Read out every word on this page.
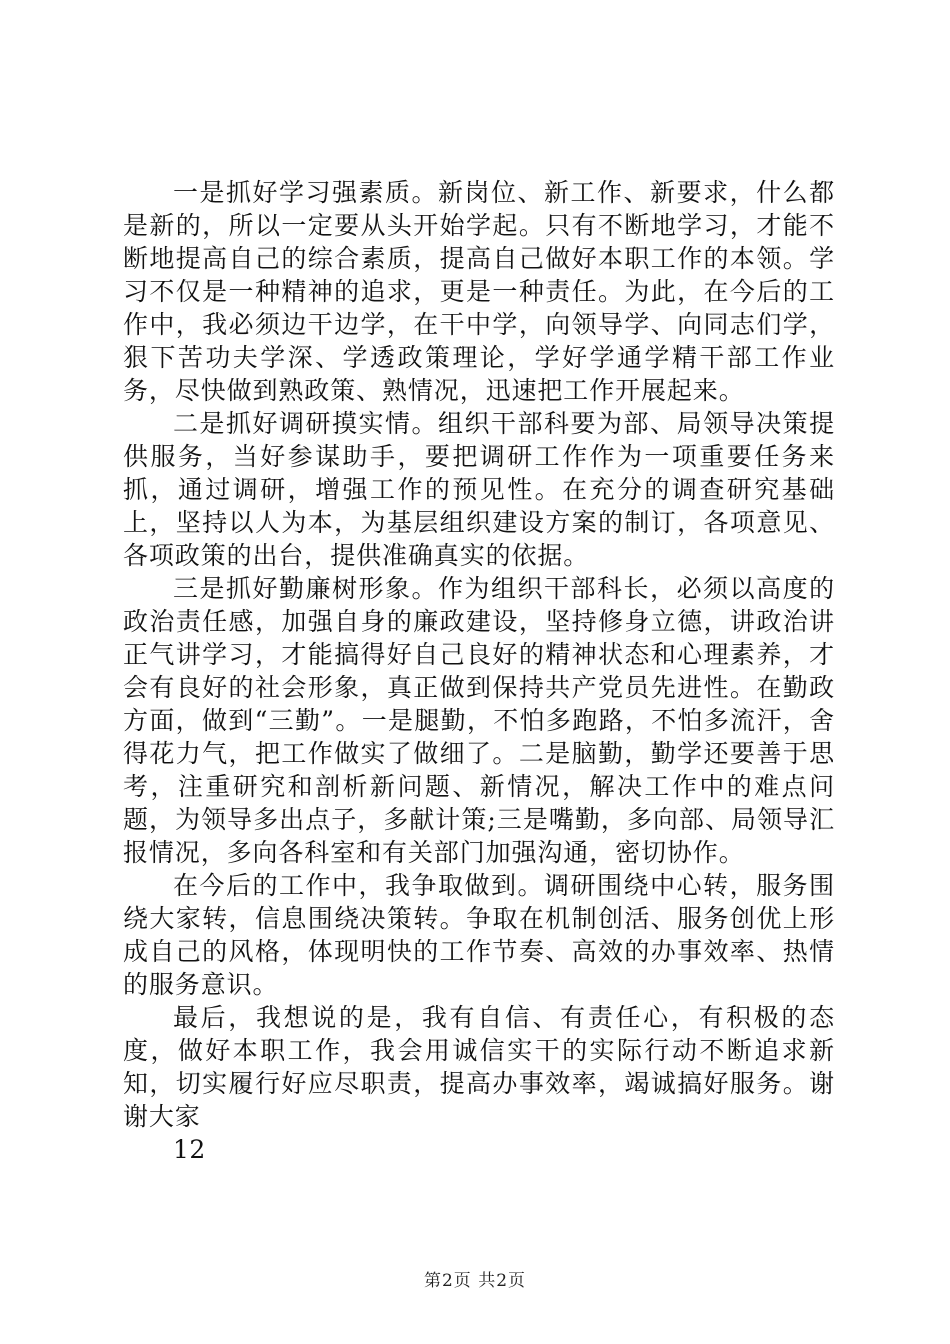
一是抓好学习强素质。新岗位、新工作、新要求，什么都是新的，所以一定要从头开始学起。只有不断地学习，才能不断地提高自己的综合素质，提高自己做好本职工作的本领。学习不仅是一种精神的追求，更是一种责任。为此，在今后的工作中，我必须边干边学，在干中学，向领导学、向同志们学，狠下苦功夫学深、学透政策理论，学好学通学精干部工作业务，尽快做到熟政策、熟情况，迅速把工作开展起来。

二是抓好调研摸实情。组织干部科要为部、局领导决策提供服务，当好参谋助手，要把调研工作作为一项重要任务来抓，通过调研，增强工作的预见性。在充分的调查研究基础上，坚持以人为本，为基层组织建设方案的制订，各项意见、各项政策的出台，提供准确真实的依据。

三是抓好勤廉树形象。作为组织干部科长，必须以高度的政治责任感，加强自身的廉政建设，坚持修身立德，讲政治讲正气讲学习，才能搞得好自己良好的精神状态和心理素养，才会有良好的社会形象，真正做到保持共产党员先进性。在勤政方面，做到“三勤”。一是腿勤，不怕多跑路，不怕多流汗，舍得花力气，把工作做实了做细了。二是脑勤，勤学还要善于思考，注重研究和剖析新问题、新情况，解决工作中的难点问题，为领导多出点子，多献计策;三是嘴勤，多向部、局领导汇报情况，多向各科室和有关部门加强沟通，密切协作。

在今后的工作中，我争取做到。调研围绕中心转，服务围绕大家转，信息围绕决策转。争取在机制创活、服务创优上形成自己的风格，体现明快的工作节奏、高效的办事效率、热情的服务意识。

最后，我想说的是，我有自信、有责任心，有积极的态度，做好本职工作，我会用诚信实干的实际行动不断追求新知，切实履行好应尽职责，提高办事效率，竭诚搞好服务。谢谢大家

12

第2页 共2页
